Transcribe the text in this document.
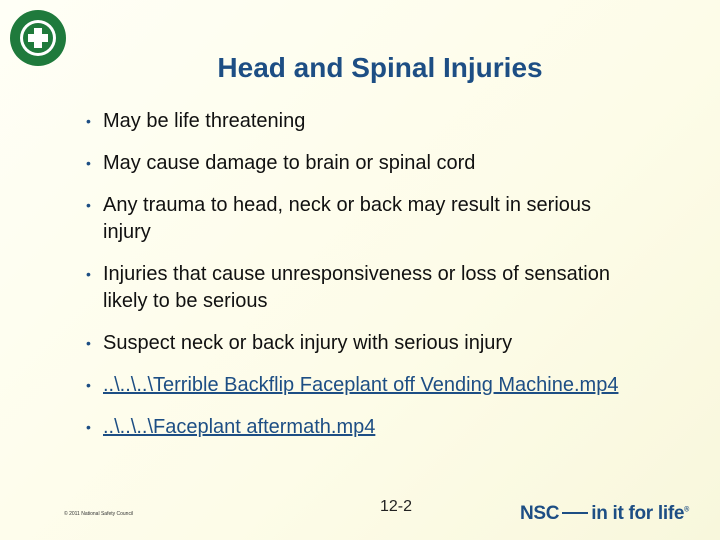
Head and Spinal Injuries
• May be life threatening
• May cause damage to brain or spinal cord
• Any trauma to head, neck or back may result in serious injury
• Injuries that cause unresponsiveness or loss of sensation likely to be serious
• Suspect neck or back injury with serious injury
• ..\..\..\Terrible Backflip Faceplant off Vending Machine.mp4
• ..\..\..\Faceplant aftermath.mp4
© 2011 National Safety Council	12-2	NSC in it for life®
